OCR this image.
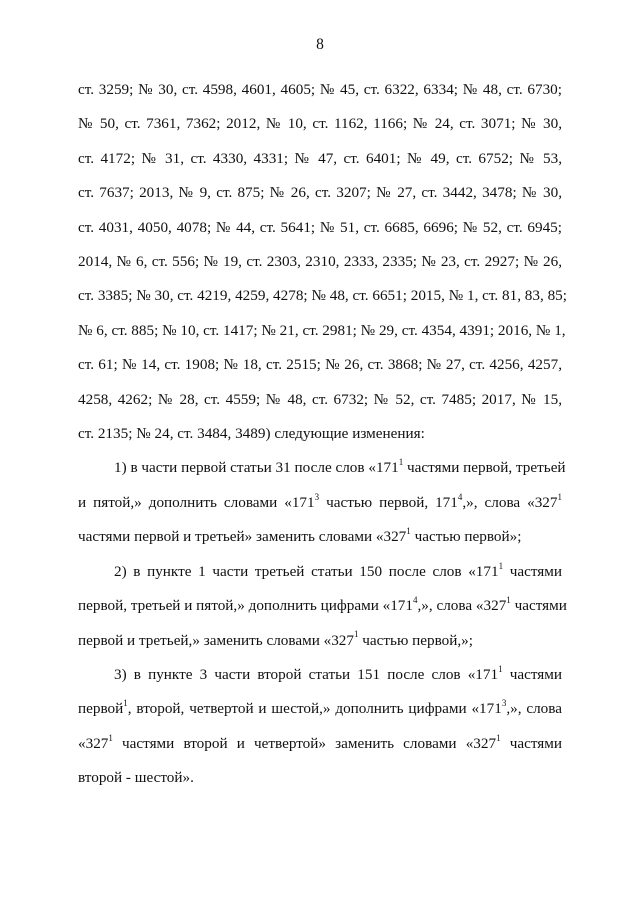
8
ст. 3259; № 30, ст. 4598, 4601, 4605; № 45, ст. 6322, 6334; № 48, ст. 6730;
№ 50, ст. 7361, 7362; 2012, № 10, ст. 1162, 1166; № 24, ст. 3071; № 30,
ст. 4172; № 31, ст. 4330, 4331; № 47, ст. 6401; № 49, ст. 6752; № 53,
ст. 7637; 2013, № 9, ст. 875; № 26, ст. 3207; № 27, ст. 3442, 3478; № 30,
ст. 4031, 4050, 4078; № 44, ст. 5641; № 51, ст. 6685, 6696; № 52, ст. 6945;
2014, № 6, ст. 556; № 19, ст. 2303, 2310, 2333, 2335; № 23, ст. 2927; № 26,
ст. 3385; № 30, ст. 4219, 4259, 4278; № 48, ст. 6651; 2015, № 1, ст. 81, 83, 85;
№ 6, ст. 885; № 10, ст. 1417; № 21, ст. 2981; № 29, ст. 4354, 4391; 2016, № 1,
ст. 61; № 14, ст. 1908; № 18, ст. 2515; № 26, ст. 3868; № 27, ст. 4256, 4257,
4258, 4262; № 28, ст. 4559; № 48, ст. 6732; № 52, ст. 7485; 2017, № 15,
ст. 2135; № 24, ст. 3484, 3489) следующие изменения:
1) в части первой статьи 31 после слов «$171^1$ частями первой, третьей
и пятой,» дополнить словами «$171^3$ частью первой, $171^4$,», слова «$327^1$
частями первой и третьей» заменить словами «$327^1$ частью первой»;
2) в пункте 1 части третьей статьи 150 после слов «$171^1$ частями
первой, третьей и пятой,» дополнить цифрами «$171^4$,», слова «$327^1$ частями
первой и третьей,» заменить словами «$327^1$ частью первой,»;
3) в пункте 3 части второй статьи 151 после слов «$171^1$ частями
первой$^1$, второй, четвертой и шестой,» дополнить цифрами «$171^3$,», слова
«$327^1$ частями второй и четвертой» заменить словами «$327^1$ частями
второй - шестой».
